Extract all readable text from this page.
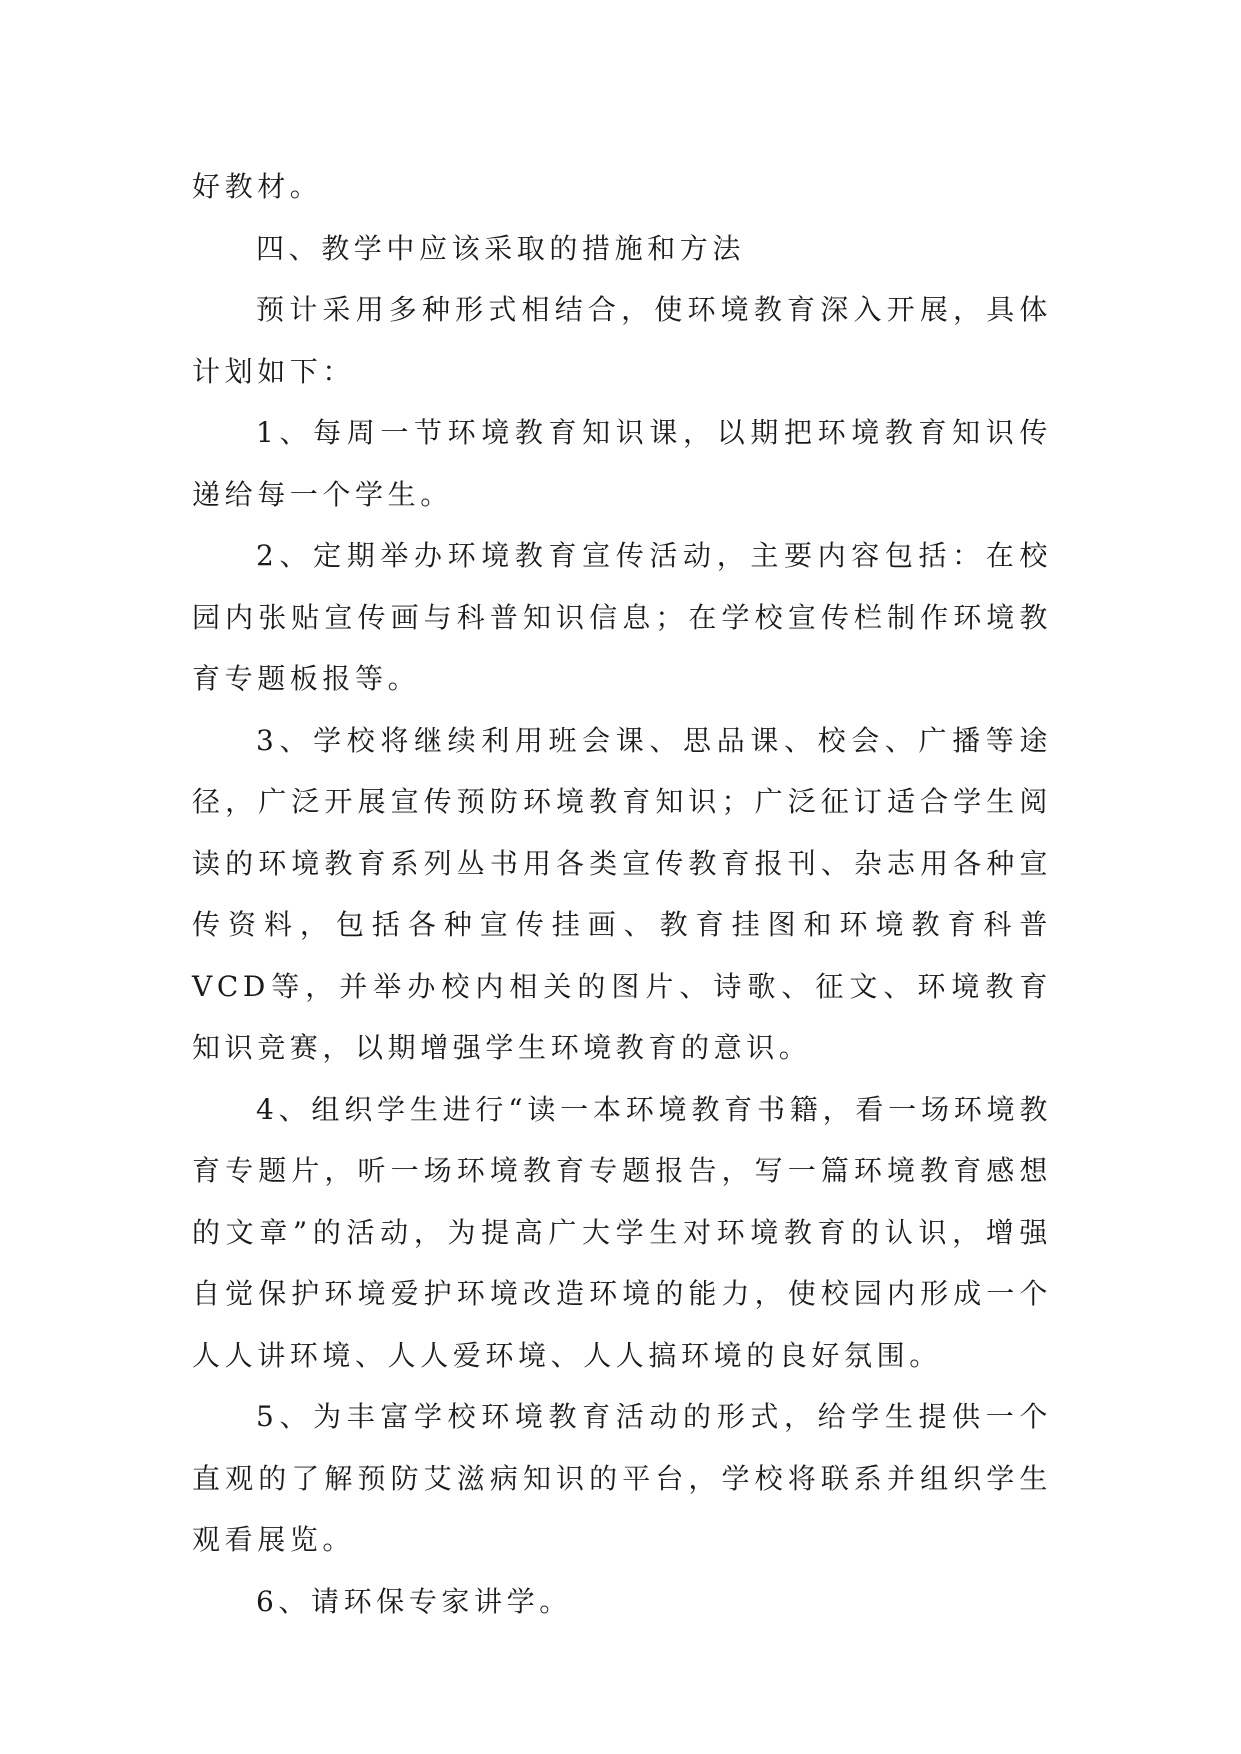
好教材。

四、教学中应该采取的措施和方法

预计采用多种形式相结合，使环境教育深入开展，具体计划如下：

1、每周一节环境教育知识课，以期把环境教育知识传递给每一个学生。

2、定期举办环境教育宣传活动，主要内容包括：在校园内张贴宣传画与科普知识信息；在学校宣传栏制作环境教育专题板报等。

3、学校将继续利用班会课、思品课、校会、广播等途径，广泛开展宣传预防环境教育知识；广泛征订适合学生阅读的环境教育系列丛书用各类宣传教育报刊、杂志用各种宣传资料，包括各种宣传挂画、教育挂图和环境教育科普VCD等，并举办校内相关的图片、诗歌、征文、环境教育知识竞赛，以期增强学生环境教育的意识。

4、组织学生进行“读一本环境教育书籍，看一场环境教育专题片，听一场环境教育专题报告，写一篇环境教育感想的文章”的活动，为提高广大学生对环境教育的认识，增强自觉保护环境爱护环境改造环境的能力，使校园内形成一个人人讲环境、人人爱环境、人人搞环境的良好氛围。

5、为丰富学校环境教育活动的形式，给学生提供一个直观的了解预防艾滋病知识的平台，学校将联系并组织学生观看展览。

6、请环保专家讲学。
